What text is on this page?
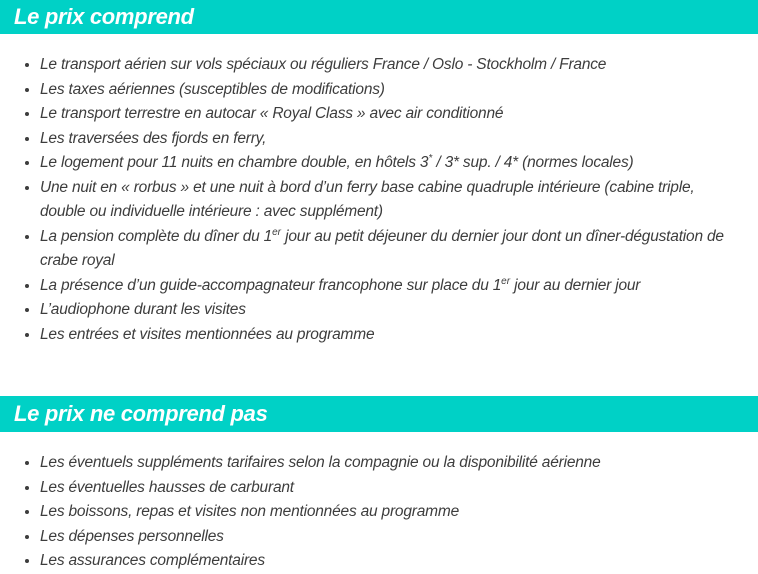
Le prix comprend
• Le transport aérien sur vols spéciaux ou réguliers France / Oslo - Stockholm / France
• Les taxes aériennes (susceptibles de modifications)
• Le transport terrestre en autocar « Royal Class » avec air conditionné
• Les traversées des fjords en ferry,
• Le logement pour 11 nuits en chambre double, en hôtels 3* / 3* sup. / 4* (normes locales)
• Une nuit en « rorbus » et une nuit à bord d’un ferry base cabine quadruple intérieure (cabine triple, double ou individuelle intérieure : avec supplément)
• La pension complète du dîner du 1er jour au petit déjeuner du dernier jour dont un dîner-dégustation de crabe royal
• La présence d’un guide-accompagnateur francophone sur place du 1er jour au dernier jour
• L’audiophone durant les visites
• Les entrées et visites mentionnées au programme
Le prix ne comprend pas
• Les éventuels suppléments tarifaires selon la compagnie ou la disponibilité aérienne
• Les éventuelles hausses de carburant
• Les boissons, repas et visites non mentionnées au programme
• Les dépenses personnelles
• Les assurances complémentaires
